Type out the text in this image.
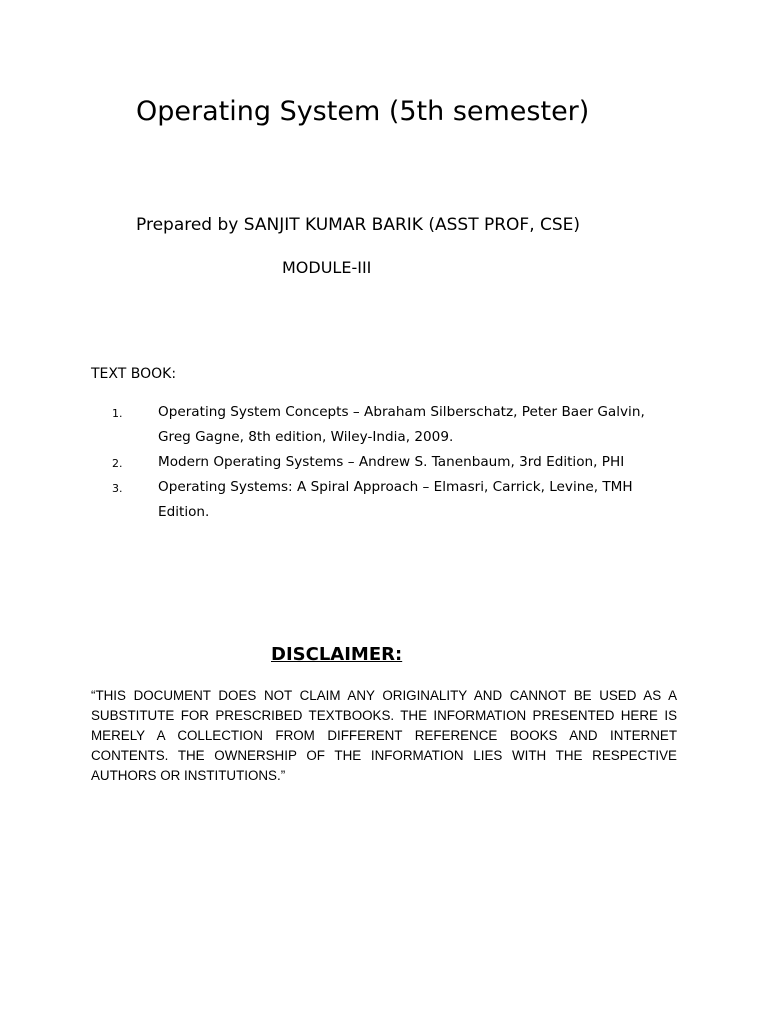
Operating System (5th semester)
Prepared by SANJIT KUMAR BARIK (ASST PROF, CSE)
MODULE-III
TEXT BOOK:
1.	Operating System Concepts – Abraham Silberschatz, Peter Baer Galvin, Greg Gagne, 8th edition, Wiley-India, 2009.
2.	Modern Operating Systems – Andrew S. Tanenbaum, 3rd Edition, PHI
3.	Operating Systems: A Spiral Approach – Elmasri, Carrick, Levine, TMH Edition.
DISCLAIMER:

“THIS DOCUMENT DOES NOT CLAIM ANY ORIGINALITY AND CANNOT BE USED AS A SUBSTITUTE FOR PRESCRIBED TEXTBOOKS. THE INFORMATION PRESENTED HERE IS MERELY A COLLECTION FROM DIFFERENT REFERENCE BOOKS AND INTERNET CONTENTS. THE OWNERSHIP OF THE INFORMATION LIES WITH THE RESPECTIVE AUTHORS OR INSTITUTIONS.”
